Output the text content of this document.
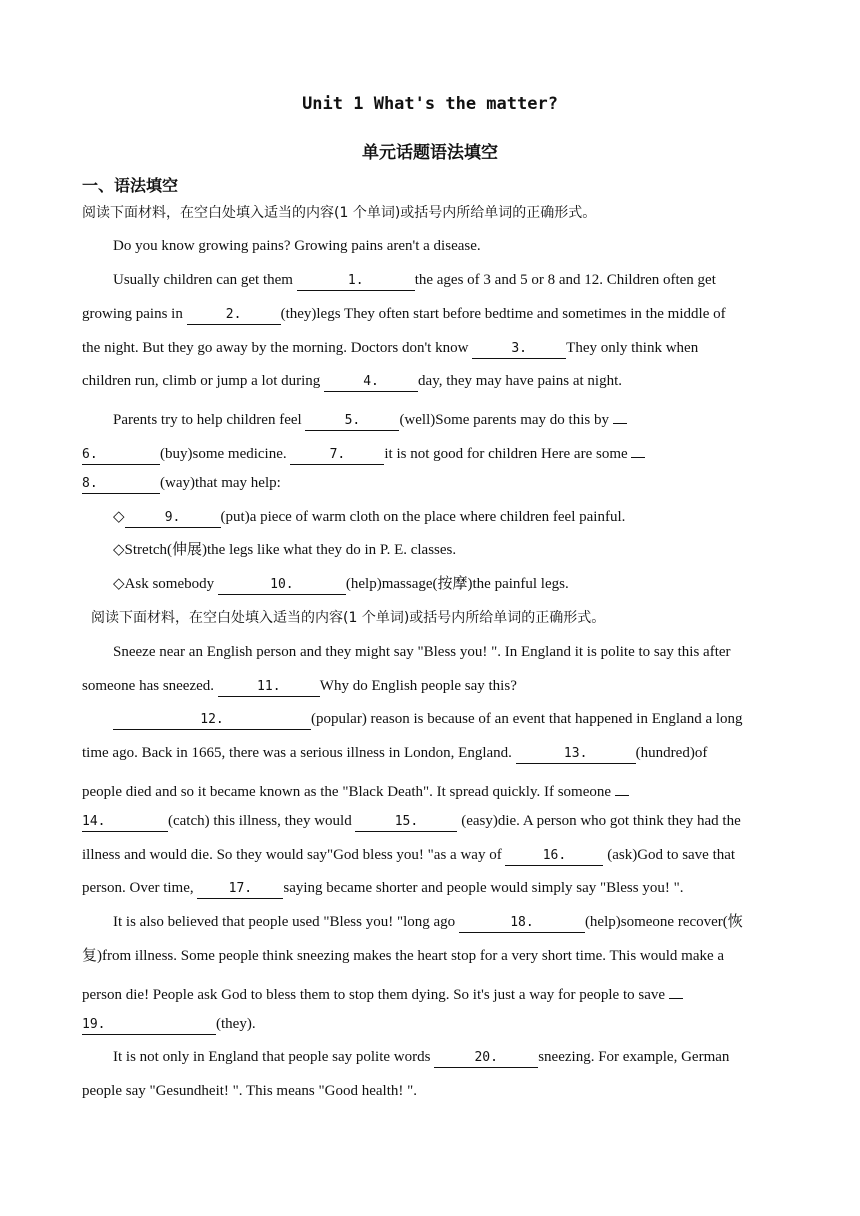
Unit 1 What's the matter?
单元话题语法填空
一、语法填空
阅读下面材料，在空白处填入适当的内容(1 个单词)或括号内所给单词的正确形式。
Do you know growing pains? Growing pains aren't a disease.
Usually children can get them	1.	the ages of 3 and 5 or 8 and 12. Children often get
growing pains in	2.	(they)legs They often start before bedtime and sometimes in the middle of
the night. But they go away by the morning. Doctors don't know	3.	They only think when
children run, climb or jump a lot during	4.	day, they may have pains at night.
Parents try to help children feel	5.	(well)Some parents may do this by
6.	(buy)some medicine.	7.	it is not good for children Here are some
8.	(way)that may help:
◇	9.	(put)a piece of warm cloth on the place where children feel painful.
◇Stretch(伸展)the legs like what they do in P. E. classes.
◇Ask somebody	10.	(help)massage(按摩)the painful legs.
阅读下面材料，在空白处填入适当的内容(1 个单词)或括号内所给单词的正确形式。
Sneeze near an English person and they might say "Bless you! ". In England it is polite to say this after
someone has sneezed.	11.	Why do English people say this?
12.	(popular) reason is because of an event that happened in England a long
time ago. Back in 1665, there was a serious illness in London, England.	13.	(hundred)of
people died and so it became known as the "Black Death". It spread quickly. If someone
14.	(catch) this illness, they would	15.	(easy)die. A person who got think they had the
illness and would die. So they would say"God bless you! "as a way of	16. (ask)God to save that
person. Over time, 17. saying became shorter and people would simply say "Bless you! ".
It is also believed that people used "Bless you! "long ago	18.	(help)someone recover(恢
复)from illness. Some people think sneezing makes the heart stop for a very short time. This would make a
person die! People ask God to bless them to stop them dying. So it's just a way for people to save
19.	(they).
It is not only in England that people say polite words	20.	sneezing. For example, German
people say "Gesundheit! ". This means "Good health! ".
